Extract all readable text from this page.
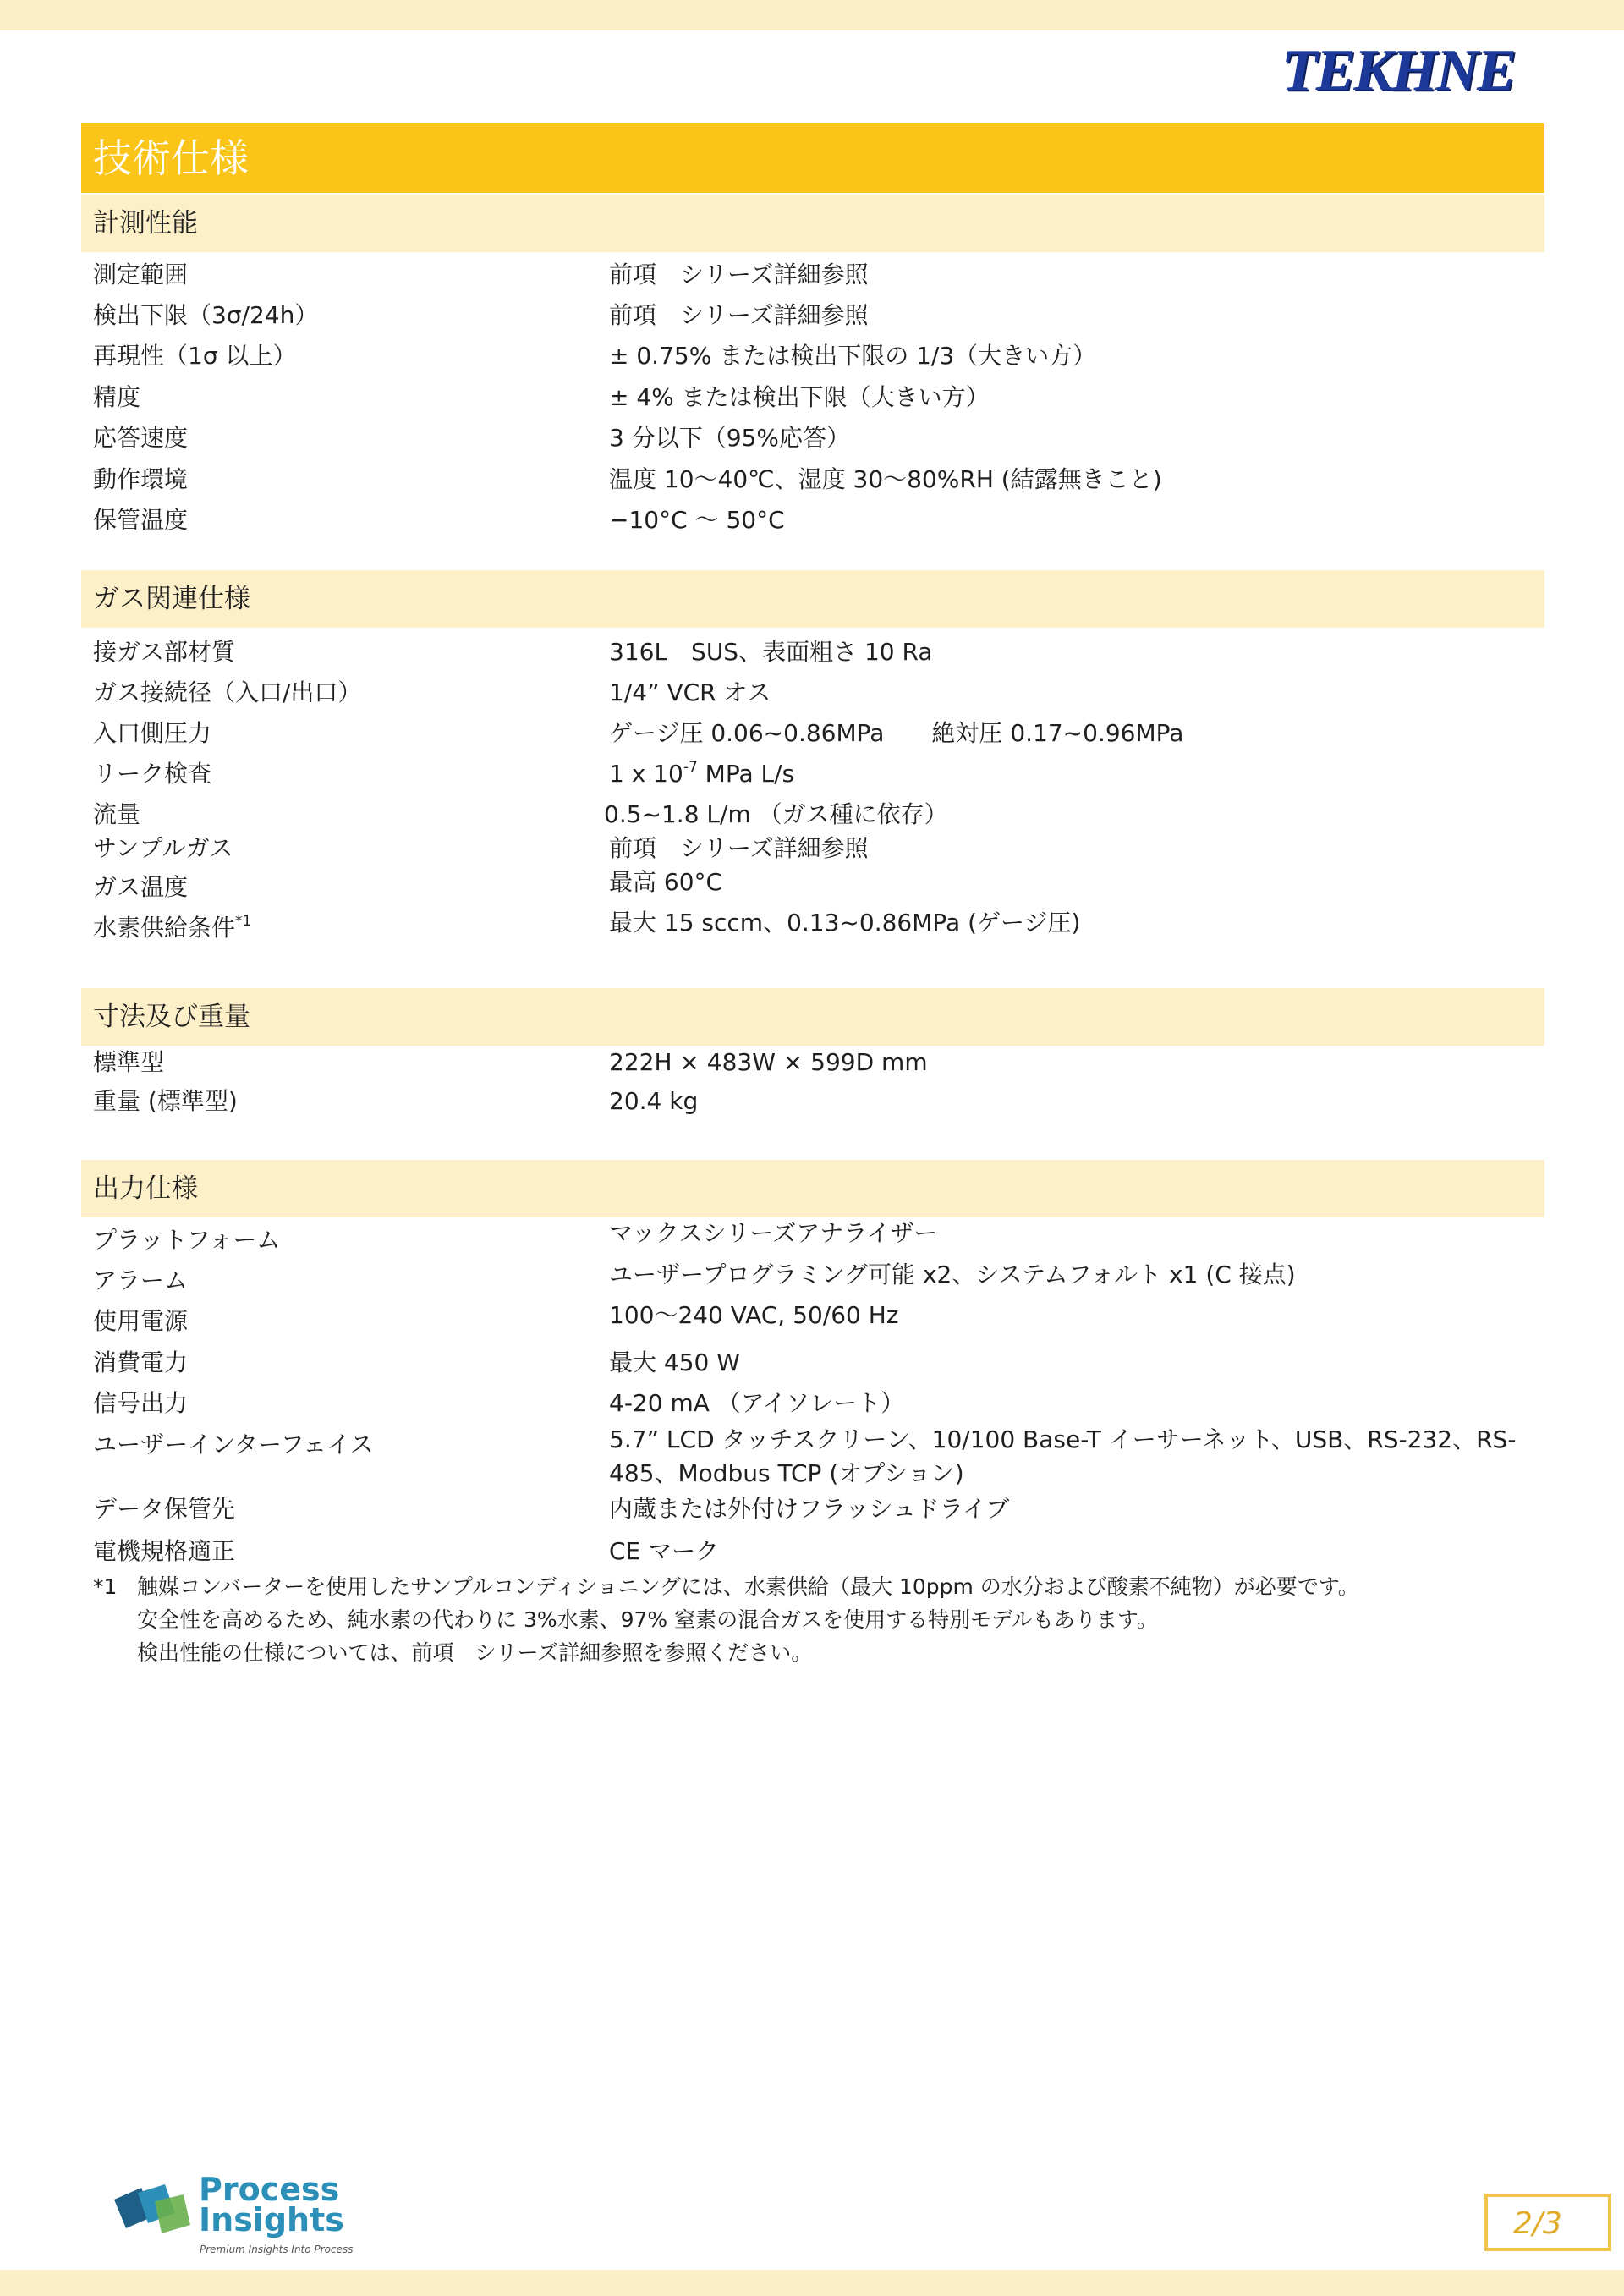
TEKHNE
技術仕様
計測性能
測定範囲	前項　シリーズ詳細参照
検出下限（3σ/24h）	前項　シリーズ詳細参照
再現性（1σ 以上）	± 0.75% または検出下限の 1/3（大きい方）
精度	± 4% または検出下限（大きい方）
応答速度	3 分以下（95%応答）
動作環境	温度 10～40℃、湿度 30～80%RH (結露無きこと)
保管温度	−10°C ～ 50°C
ガス関連仕様
接ガス部材質	316L　SUS、表面粗さ 10 Ra
ガス接続径（入口/出口）	1/4” VCR オス
入口側圧力	ゲージ圧 0.06~0.86MPa　　絶対圧 0.17~0.96MPa
リーク検査	1 x $10^{-7}$ MPa L/s
流量	0.5~1.8 L/m （ガス種に依存）
サンプルガス	前項　シリーズ詳細参照
ガス温度	最高 60°C
水素供給条件$^{*1}$	最大 15 sccm、0.13~0.86MPa (ゲージ圧)
寸法及び重量
標準型	222H × 483W × 599D mm
重量 (標準型)	20.4 kg
出力仕様
プラットフォーム	マックスシリーズアナライザー
アラーム	ユーザープログラミング可能 x2、システムフォルト x1 (C 接点)
使用電源	100～240 VAC, 50/60 Hz
消費電力	最大 450 W
信号出力	4-20 mA （アイソレート）
ユーザーインターフェイス	5.7” LCD タッチスクリーン、10/100 Base-T イーサーネット、USB、RS-232、RS-485、Modbus TCP (オプション)
データ保管先	内蔵または外付けフラッシュドライブ
電機規格適正	CE マーク
*1 触媒コンバーターを使用したサンプルコンディショニングには、水素供給（最大 10ppm の水分および酸素不純物）が必要です。
安全性を高めるため、純水素の代わりに 3%水素、97% 窒素の混合ガスを使用する特別モデルもあります。
検出性能の仕様については、前項　シリーズ詳細参照を参照ください。
Process
Insights
Premium Insights Into Process
2/3
